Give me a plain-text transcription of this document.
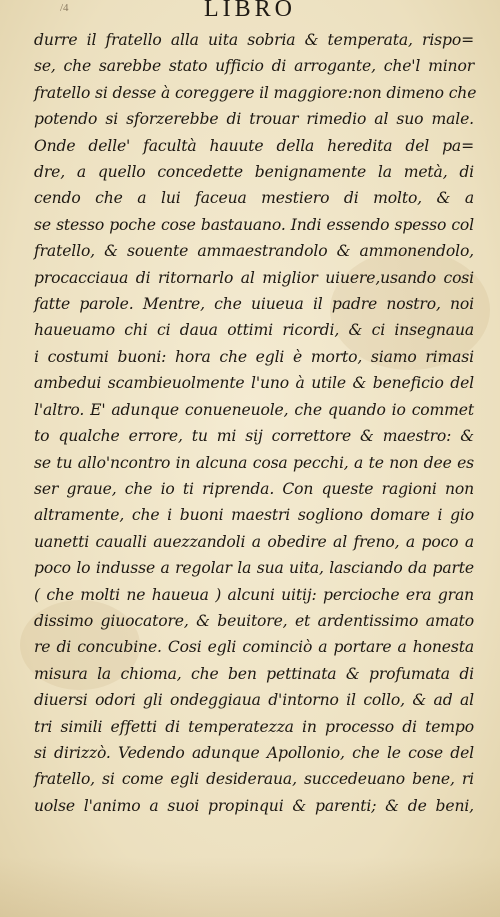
/4	LIBRO
durre il fratello alla uita sobria & temperata, rispo=
se, che sarebbe stato ufficio di arrogante, che'l minor
fratello si desse à coreggere il maggiore:non dimeno che
potendo si sforzerebbe di trouar rimedio al suo male.
Onde delle' facultà hauute della heredita del pa=
dre, a quello concedette benignamente la metà, di
cendo che a lui faceua mestiero di molto, & a
se stesso poche cose bastauano. Indi essendo spesso col
fratello, & souente ammaestrandolo & ammonendolo,
procacciaua di ritornarlo al miglior uiuere,usando cosi
fatte parole. Mentre, che uiueua il padre nostro, noi
haueuamo chi ci daua ottimi ricordi, & ci insegnaua
i costumi buoni: hora che egli è morto, siamo rimasi
ambedui scambieuolmente l'uno à utile & beneficio del
l'altro. E' adunque conueneuole, che quando io commet
to qualche errore, tu mi sij correttore & maestro: &
se tu allo'ncontro in alcuna cosa pecchi, a te non dee es
ser graue, che io ti riprenda. Con queste ragioni non
altramente, che i buoni maestri sogliono domare i gio
uanetti caualli auezzandoli a obedire al freno, a poco a
poco lo indusse a regolar la sua uita, lasciando da parte
( che molti ne haueua ) alcuni uitij: percioche era gran
dissimo giuocatore, & beuitore, et ardentissimo amato
re di concubine. Cosi egli cominciò a portare a honesta
misura la chioma, che ben pettinata & profumata di
diuersi odori gli ondeggiaua d'intorno il collo, & ad al
tri simili effetti di temperatezza in processo di tempo
si dirizzò. Vedendo adunque Apollonio, che le cose del
fratello, si come egli desideraua, succedeuano bene, ri
uolse l'animo a suoi propinqui & parenti; & de beni,
